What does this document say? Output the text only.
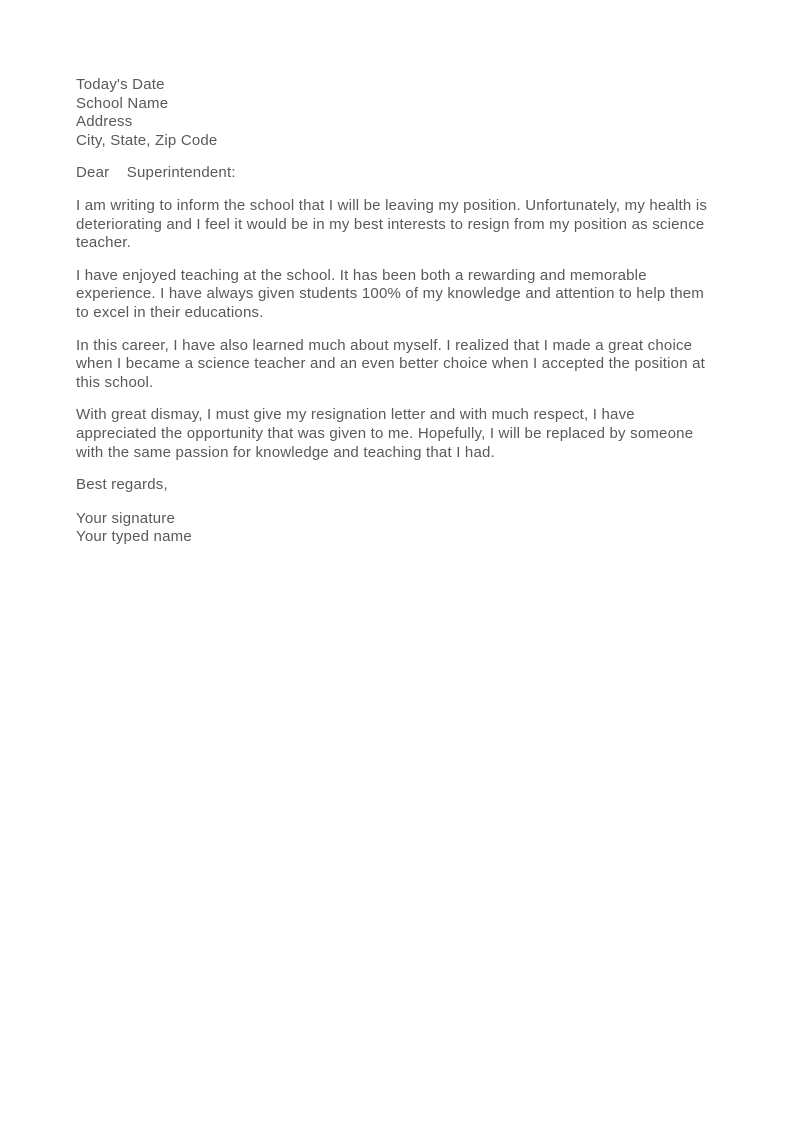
Today's Date
School Name
Address
City, State, Zip Code
Dear    Superintendent:

I am writing to inform the school that I will be leaving my position. Unfortunately, my health is deteriorating and I feel it would be in my best interests to resign from my position as science teacher.

I have enjoyed teaching at the school. It has been both a rewarding and memorable experience. I have always given students 100% of my knowledge and attention to help them to excel in their educations.

In this career, I have also learned much about myself. I realized that I made a great choice when I became a science teacher and an even better choice when I accepted the position at this school.

With great dismay, I must give my resignation letter and with much respect, I have appreciated the opportunity that was given to me. Hopefully, I will be replaced by someone with the same passion for knowledge and teaching that I had.

Best regards,
Your signature
Your typed name
